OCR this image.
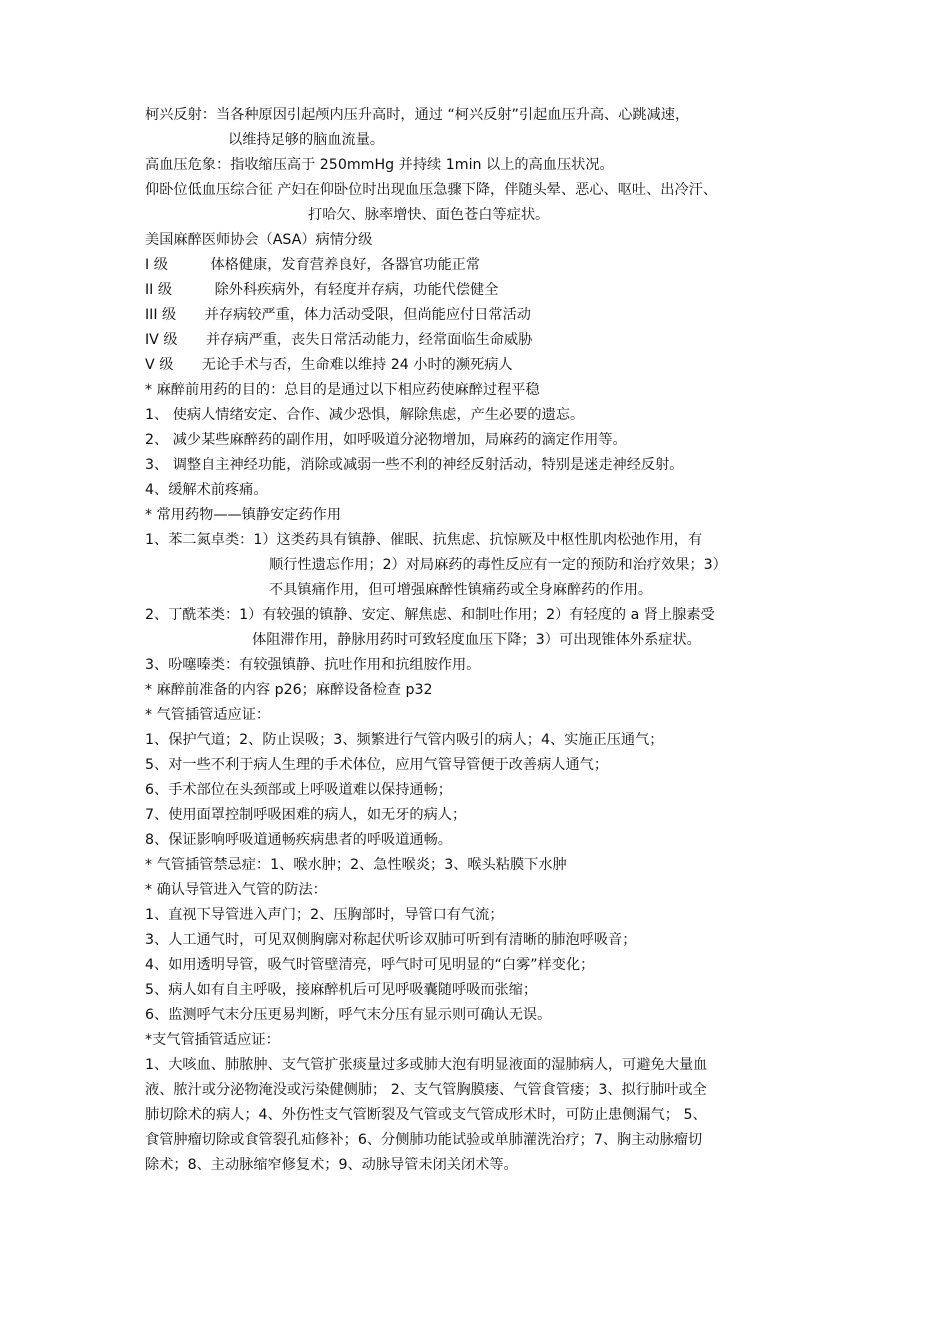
柯兴反射：当各种原因引起颅内压升高时，通过 “柯兴反射”引起血压升高、心跳减速，
以维持足够的脑血流量。
高血压危象：指收缩压高于 250mmHg 并持续 1min 以上的高血压状况。
仰卧位低血压综合征 产妇在仰卧位时出现血压急骤下降，伴随头晕、恶心、呕吐、出冷汗、
打哈欠、脉率增快、面色苍白等症状。
美国麻醉医师协会（ASA）病情分级
I 级　　　体格健康，发育营养良好，各器官功能正常
II 级　　　除外科疾病外，有轻度并存病，功能代偿健全
III 级　　并存病较严重，体力活动受限，但尚能应付日常活动
IV 级　　并存病严重，丧失日常活动能力，经常面临生命威胁
V 级　　无论手术与否，生命难以维持 24 小时的濒死病人
* 麻醉前用药的目的：总目的是通过以下相应药使麻醉过程平稳
1、 使病人情绪安定、合作、减少恐惧，解除焦虑，产生必要的遗忘。
2、 减少某些麻醉药的副作用，如呼吸道分泌物增加，局麻药的滴定作用等。
3、 调整自主神经功能，消除或减弱一些不利的神经反射活动，特别是迷走神经反射。
4、缓解术前疼痛。
* 常用药物——镇静安定药作用
1、苯二氮卓类：1）这类药具有镇静、催眠、抗焦虑、抗惊厥及中枢性肌肉松弛作用，有
顺行性遗忘作用；2）对局麻药的毒性反应有一定的预防和治疗效果；3）
不具镇痛作用，但可增强麻醉性镇痛药或全身麻醉药的作用。
2、丁酰苯类：1）有较强的镇静、安定、解焦虑、和制吐作用；2）有轻度的 a 肾上腺素受
体阻滞作用，静脉用药时可致轻度血压下降；3）可出现锥体外系症状。
3、吩噻嗪类：有较强镇静、抗吐作用和抗组胺作用。
* 麻醉前准备的内容 p26；麻醉设备检查 p32
* 气管插管适应证：
1、保护气道；2、防止误吸；3、频繁进行气管内吸引的病人；4、实施正压通气；
5、对一些不利于病人生理的手术体位，应用气管导管便于改善病人通气；
6、手术部位在头颈部或上呼吸道难以保持通畅；
7、使用面罩控制呼吸困难的病人，如无牙的病人；
8、保证影响呼吸道通畅疾病患者的呼吸道通畅。
* 气管插管禁忌症：1、喉水肿；2、急性喉炎；3、喉头粘膜下水肿
* 确认导管进入气管的防法：
1、直视下导管进入声门；2、压胸部时，导管口有气流；
3、人工通气时，可见双侧胸廓对称起伏听诊双肺可听到有清晰的肺泡呼吸音；
4、如用透明导管，吸气时管壁清亮，呼气时可见明显的“白雾”样变化；
5、病人如有自主呼吸，接麻醉机后可见呼吸囊随呼吸而张缩；
6、监测呼气末分压更易判断，呼气末分压有显示则可确认无误。
*支气管插管适应证：
1、大咳血、肺脓肿、支气管扩张痰量过多或肺大泡有明显液面的湿肺病人，可避免大量血
液、脓汁或分泌物淹没或污染健侧肺； 2、支气管胸膜瘘、气管食管瘘；3、拟行肺叶或全
肺切除术的病人；4、外伤性支气管断裂及气管或支气管成形术时，可防止患侧漏气； 5、
食管肿瘤切除或食管裂孔疝修补；6、分侧肺功能试验或单肺灌洗治疗；7、胸主动脉瘤切
除术；8、主动脉缩窄修复术；9、动脉导管未闭关闭术等。
